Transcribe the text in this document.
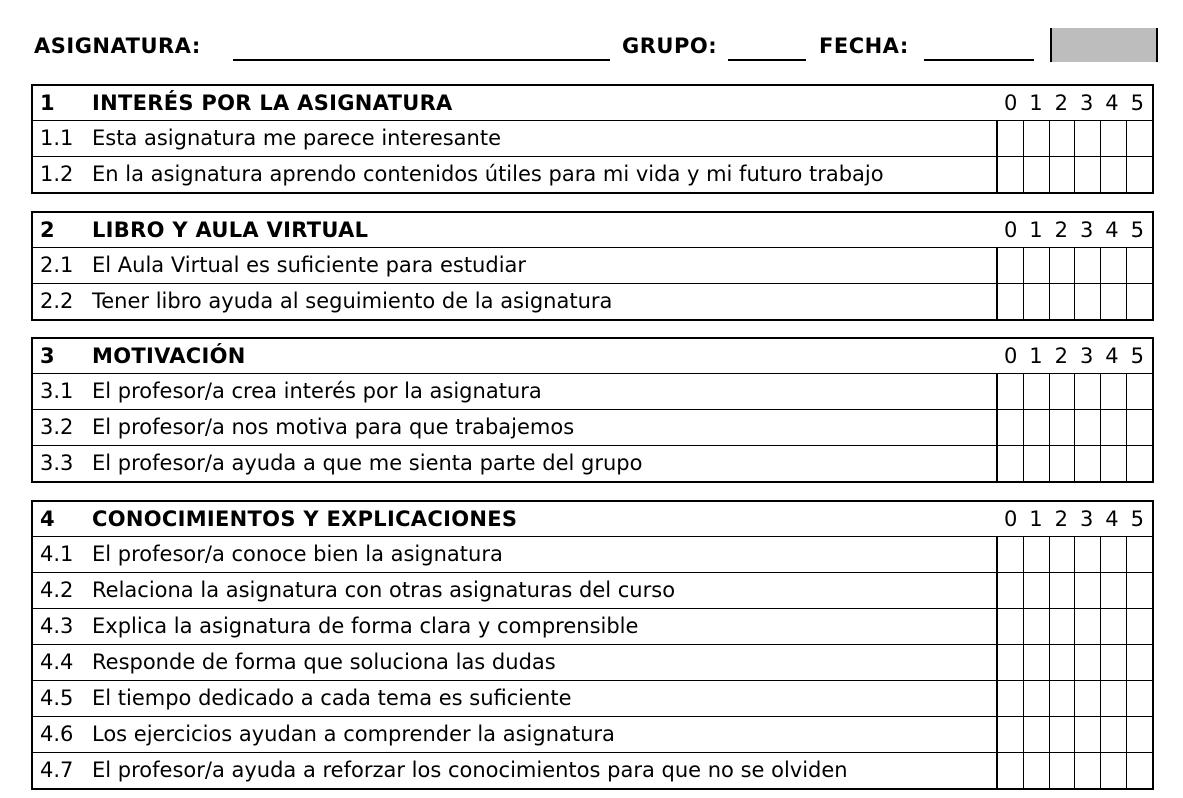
ASIGNATURA:	GRUPO:	FECHA:
1 INTERÉS POR LA ASIGNATURA	0 1 2 3 4 5
1.1 Esta asignatura me parece interesante
1.2 En la asignatura aprendo contenidos útiles para mi vida y mi futuro trabajo
2 LIBRO Y AULA VIRTUAL	0 1 2 3 4 5
2.1 El Aula Virtual es suficiente para estudiar
2.2 Tener libro ayuda al seguimiento de la asignatura
3 MOTIVACIÓN	0 1 2 3 4 5
3.1 El profesor/a crea interés por la asignatura
3.2 El profesor/a nos motiva para que trabajemos
3.3 El profesor/a ayuda a que me sienta parte del grupo
4 CONOCIMIENTOS Y EXPLICACIONES	0 1 2 3 4 5
4.1 El profesor/a conoce bien la asignatura
4.2 Relaciona la asignatura con otras asignaturas del curso
4.3 Explica la asignatura de forma clara y comprensible
4.4 Responde de forma que soluciona las dudas
4.5 El tiempo dedicado a cada tema es suficiente
4.6 Los ejercicios ayudan a comprender la asignatura
4.7 El profesor/a ayuda a reforzar los conocimientos para que no se olviden
